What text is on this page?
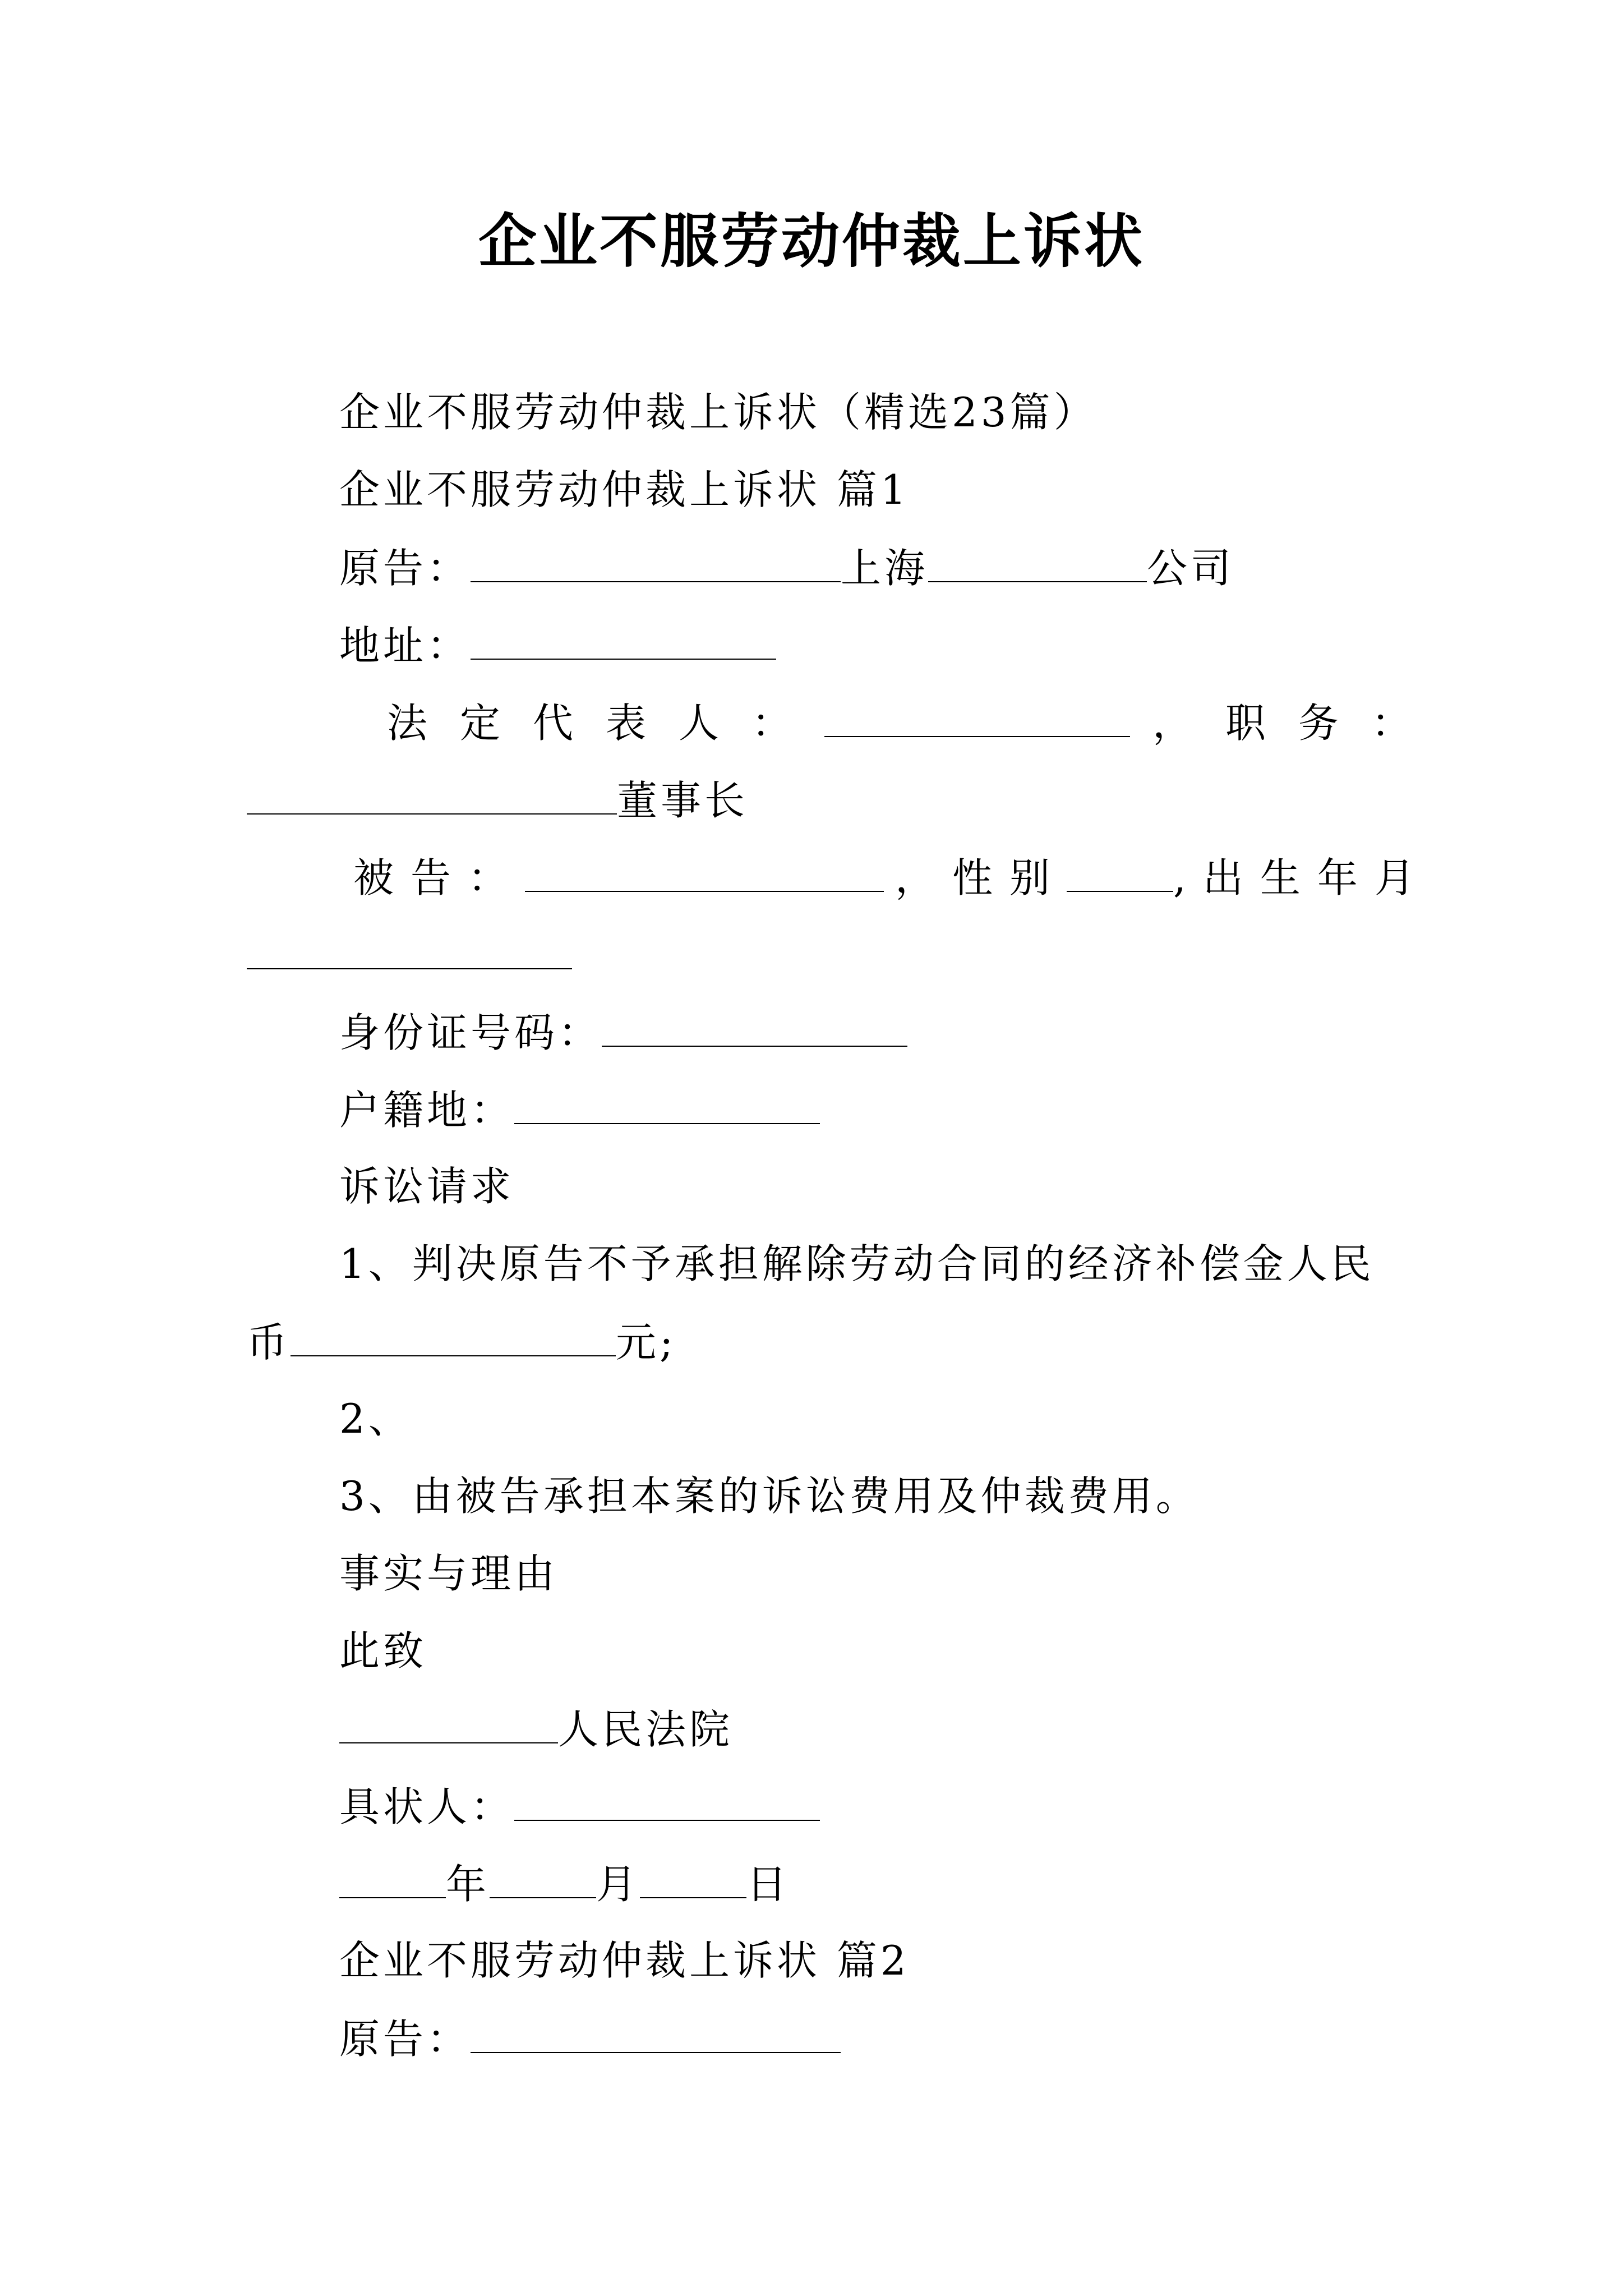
企业不服劳动仲裁上诉状
企业不服劳动仲裁上诉状（精选23篇）
企业不服劳动仲裁上诉状 篇1
原告：	上海	公司
地址：
法定代表人：	，职务：
董事长
被告：	，性别	,出生年月
身份证号码：
户籍地：
诉讼请求
1、判决原告不予承担解除劳动合同的经济补偿金人民
币	元;
2、
3、由被告承担本案的诉讼费用及仲裁费用。
事实与理由
此致
人民法院
具状人：
年	月	日
企业不服劳动仲裁上诉状 篇2
原告：
